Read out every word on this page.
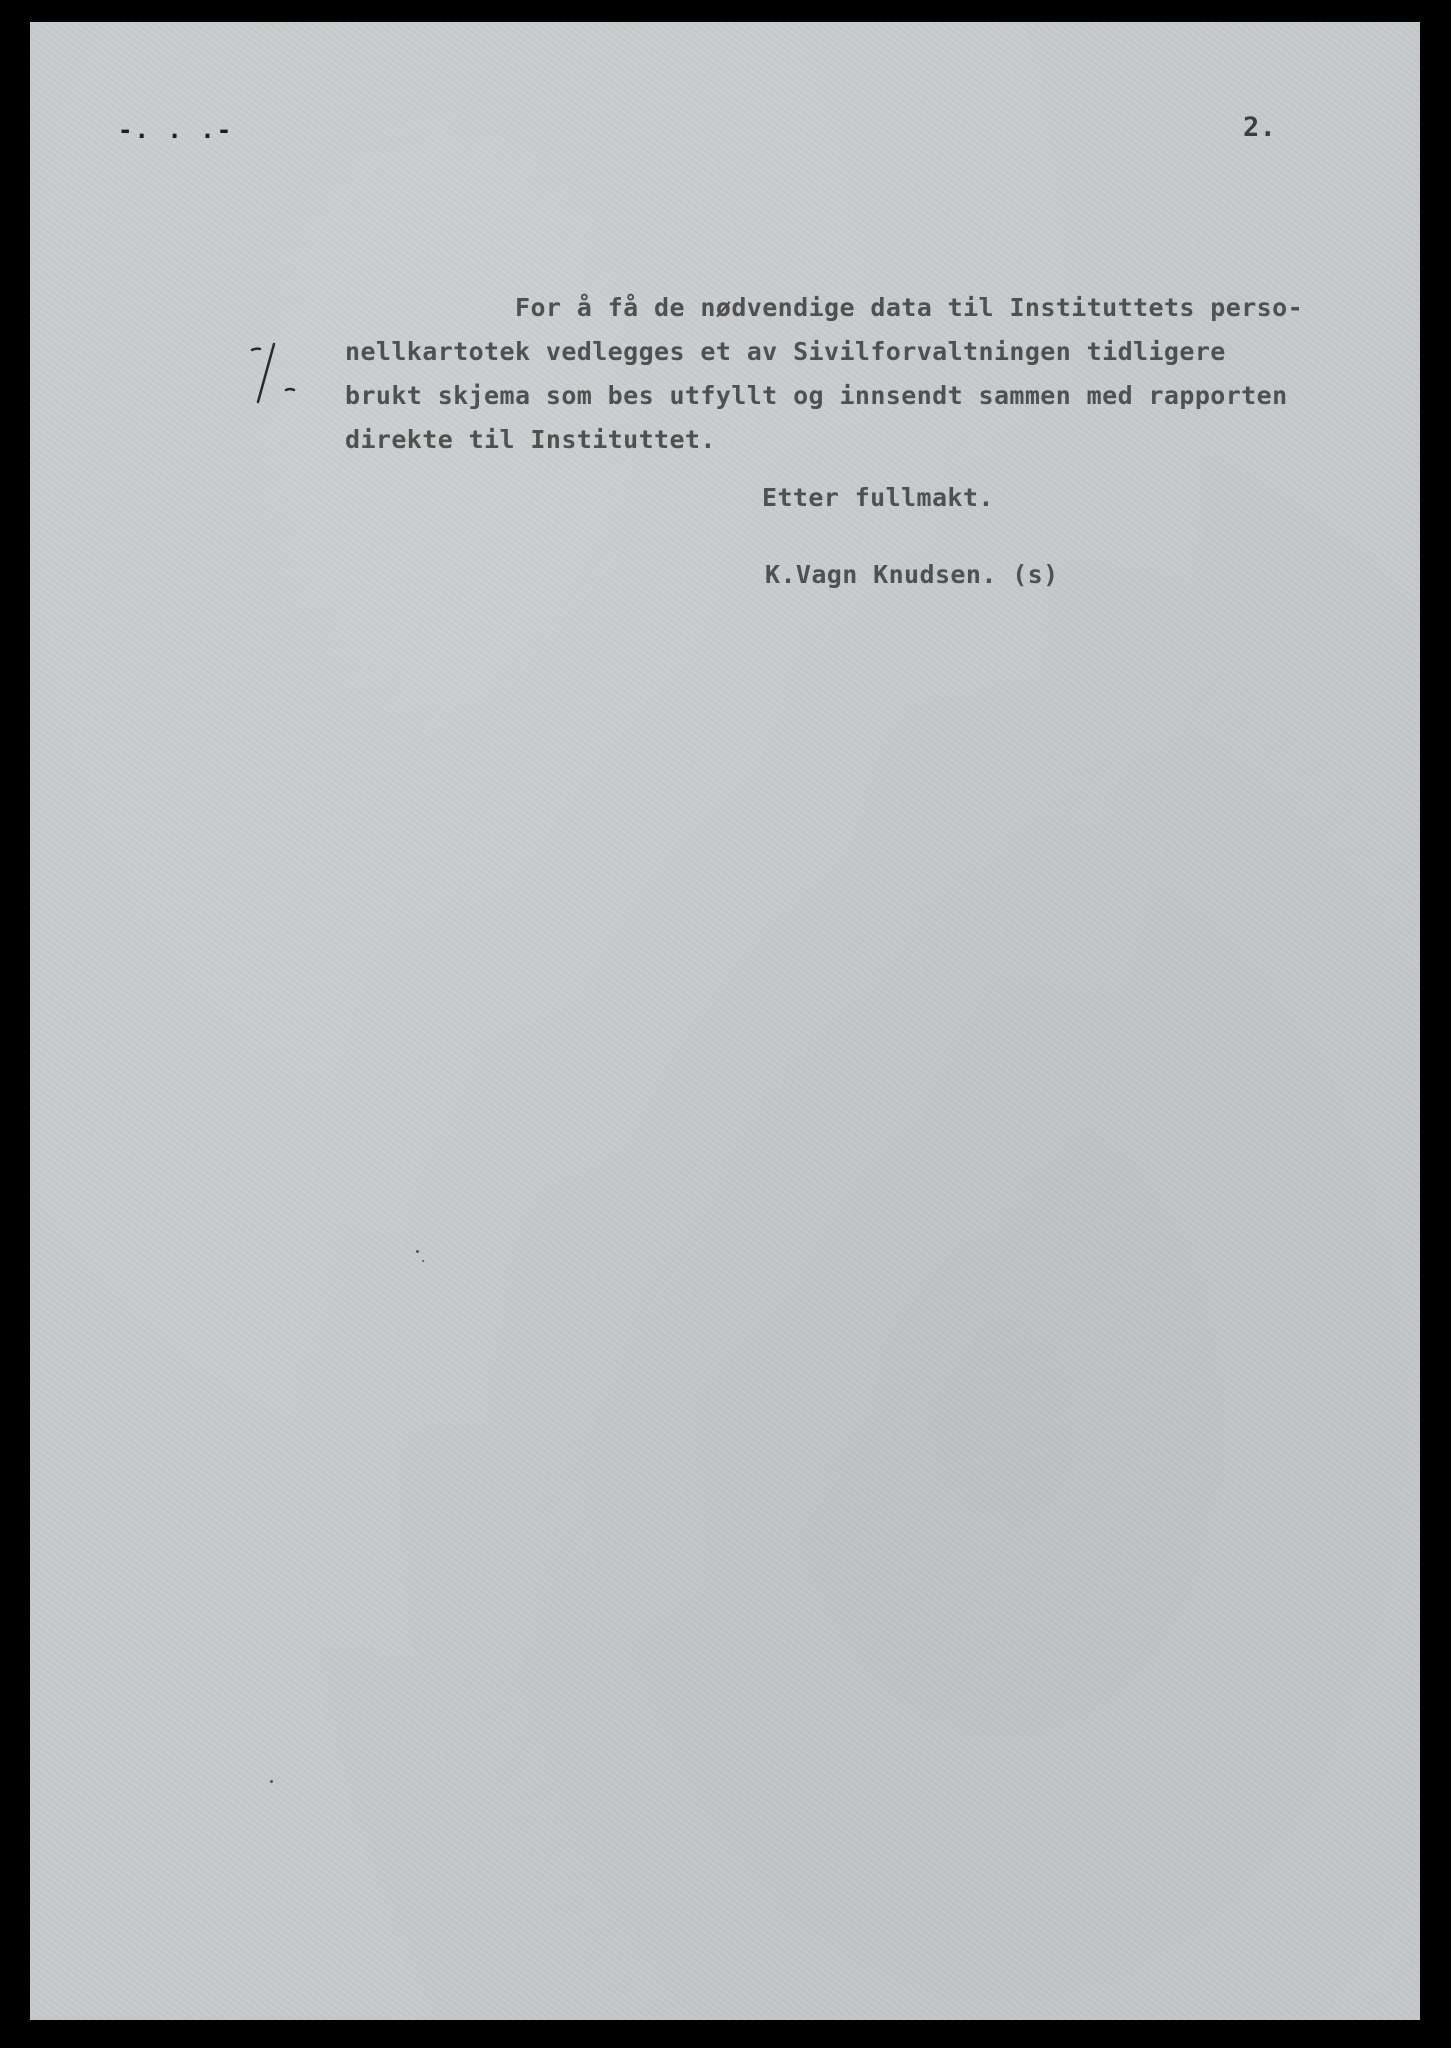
-. . .-	2.
For å få de nødvendige data til Instituttets perso-
nellkartotek vedlegges et av Sivilforvaltningen tidligere
brukt skjema som bes utfyllt og innsendt sammen med rapporten
direkte til Instituttet.
Etter fullmakt.
K.Vagn Knudsen. (s)
